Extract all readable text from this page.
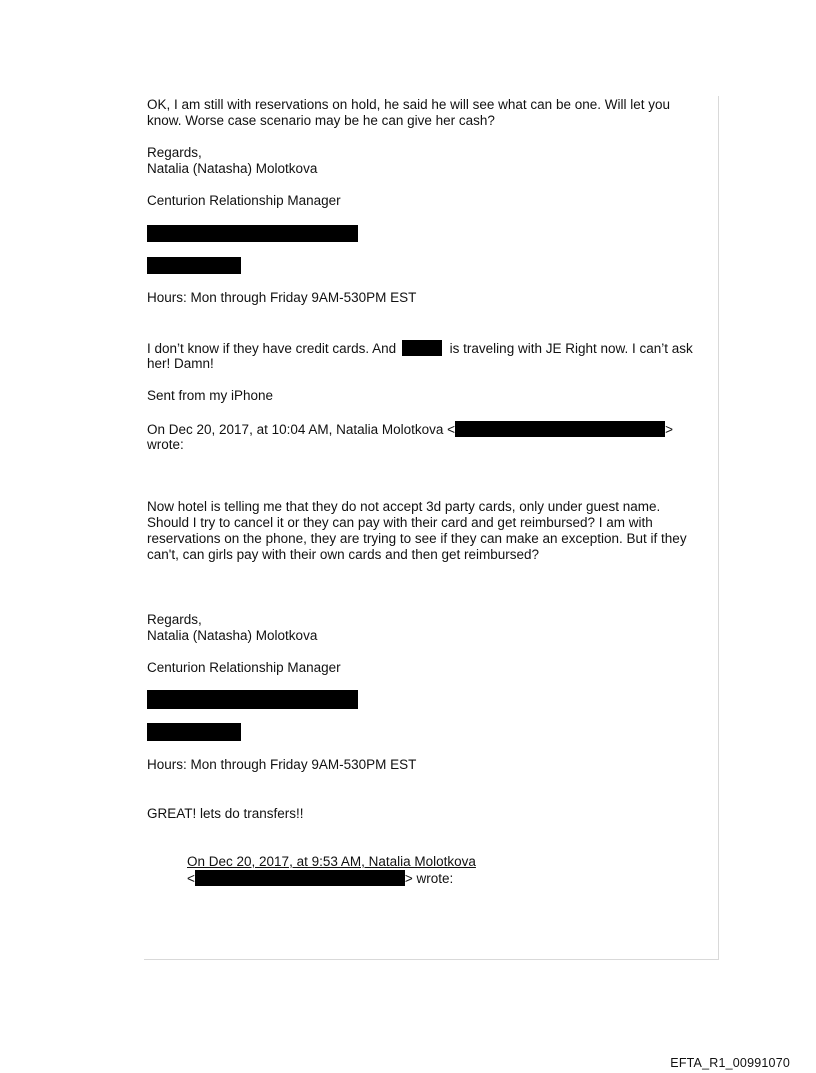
OK, I am still with reservations on hold, he said he will see what can be one. Will let you
know. Worse case scenario may be he can give her cash?
Regards,
Natalia (Natasha) Molotkova
Centurion Relationship Manager
Hours: Mon through Friday 9AM-530PM EST
I don’t know if they have credit cards. And	is traveling with JE Right now. I can’t ask
her! Damn!
Sent from my iPhone
On Dec 20, 2017, at 10:04 AM, Natalia Molotkova <	>
wrote:
Now hotel is telling me that they do not accept 3d party cards, only under guest name.
Should I try to cancel it or they can pay with their card and get reimbursed? I am with
reservations on the phone, they are trying to see if they can make an exception. But if they
can't, can girls pay with their own cards and then get reimbursed?
Regards,
Natalia (Natasha) Molotkova
Centurion Relationship Manager
Hours: Mon through Friday 9AM-530PM EST
GREAT! lets do transfers!!
On Dec 20, 2017, at 9:53 AM, Natalia Molotkova
<	> wrote:
EFTA_R1_00991070
